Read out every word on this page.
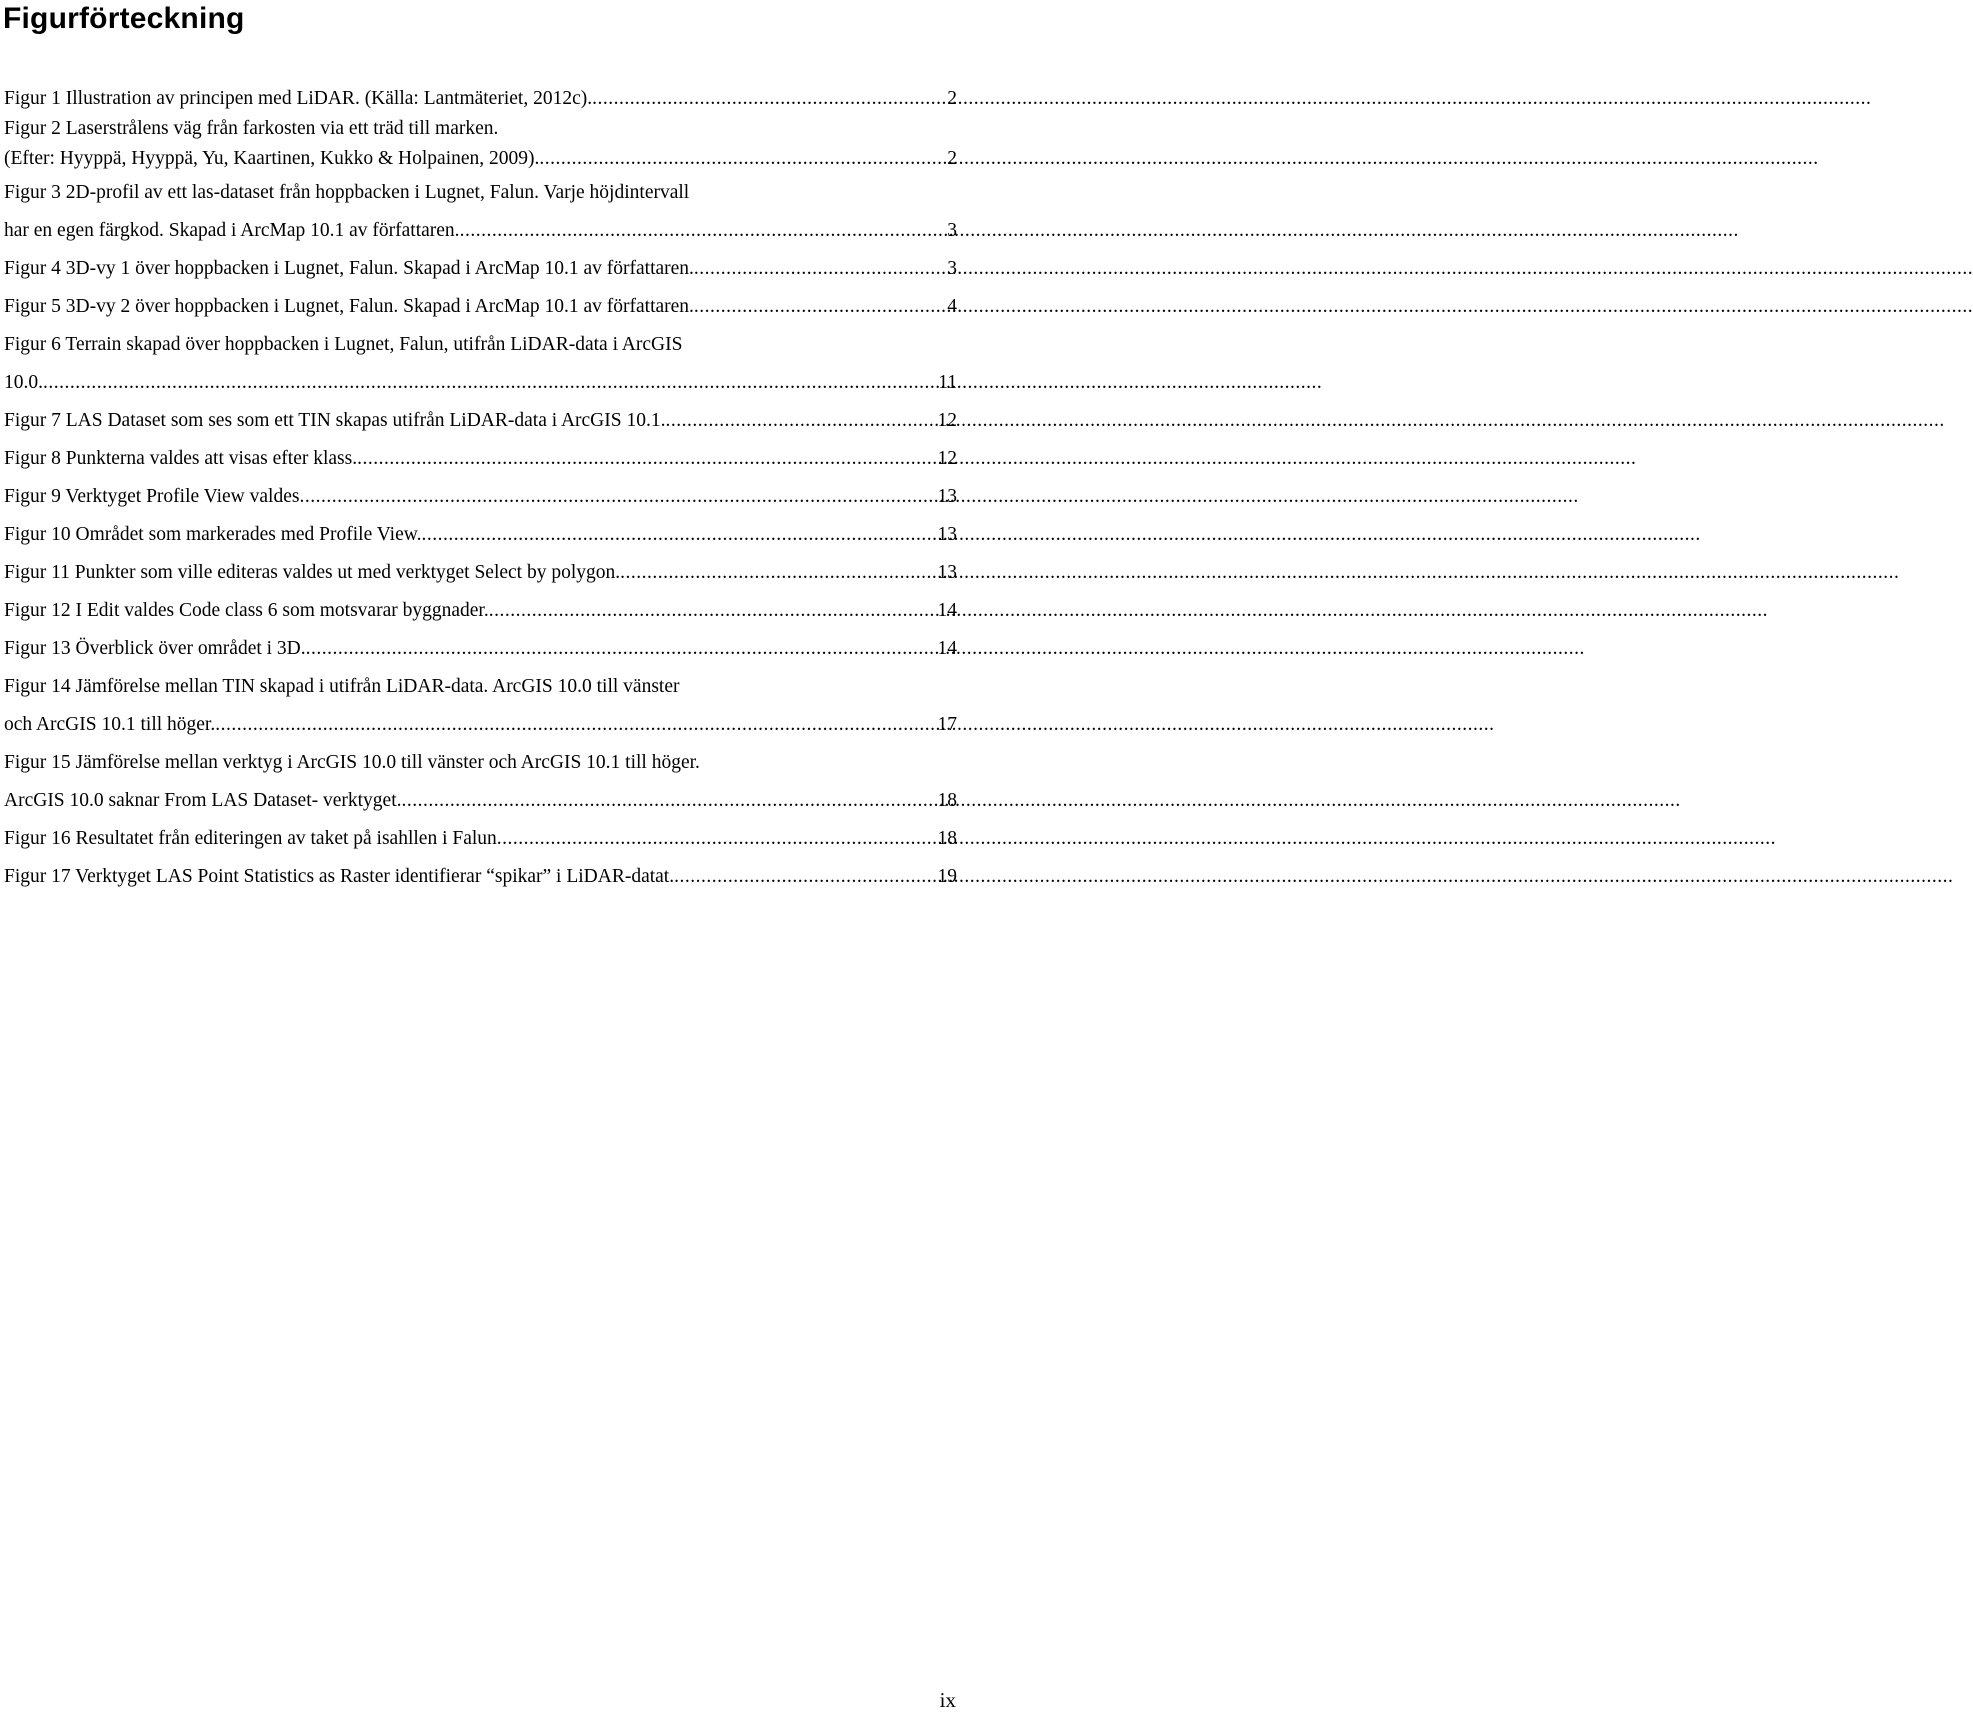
Figurförteckning
Figur 1 Illustration av principen med LiDAR. (Källa: Lantmäteriet, 2012c). .....	2
Figur 2 Laserstrålens väg från farkosten via ett träd till marken.
(Efter: Hyyppä, Hyyppä, Yu, Kaartinen, Kukko & Holpainen, 2009). .....	2
Figur 3 2D-profil av ett las-dataset från hoppbacken i Lugnet, Falun. Varje höjdintervall
har en egen färgkod. Skapad i ArcMap 10.1 av författaren. .....	3
Figur 4 3D-vy 1 över hoppbacken i Lugnet, Falun. Skapad i ArcMap 10.1 av författaren. .....	3
Figur 5 3D-vy 2 över hoppbacken i Lugnet, Falun. Skapad i ArcMap 10.1 av författaren. .....	4
Figur 6 Terrain skapad över hoppbacken i Lugnet, Falun, utifrån LiDAR-data i ArcGIS
10.0. .....	11
Figur 7 LAS Dataset som ses som ett TIN skapas utifrån LiDAR-data i ArcGIS 10.1. .....	12
Figur 8 Punkterna valdes att visas efter klass. .....	12
Figur 9 Verktyget Profile View valdes .....	13
Figur 10 Området som markerades med Profile View. .....	13
Figur 11 Punkter som ville editeras valdes ut med verktyget Select by polygon. .....	13
Figur 12 I Edit valdes Code class 6 som motsvarar byggnader. .....	14
Figur 13 Överblick över området i 3D. .....	14
Figur 14 Jämförelse mellan TIN skapad i utifrån LiDAR-data. ArcGIS 10.0 till vänster
och ArcGIS 10.1 till höger. .....	17
Figur 15 Jämförelse mellan verktyg i ArcGIS 10.0 till vänster och ArcGIS 10.1 till höger.
ArcGIS 10.0 saknar From LAS Dataset- verktyget. .....	18
Figur 16 Resultatet från editeringen av taket på isahllen i Falun .....	18
Figur 17 Verktyget LAS Point Statistics as Raster identifierar “spikar” i LiDAR-datat. .....	19
ix
